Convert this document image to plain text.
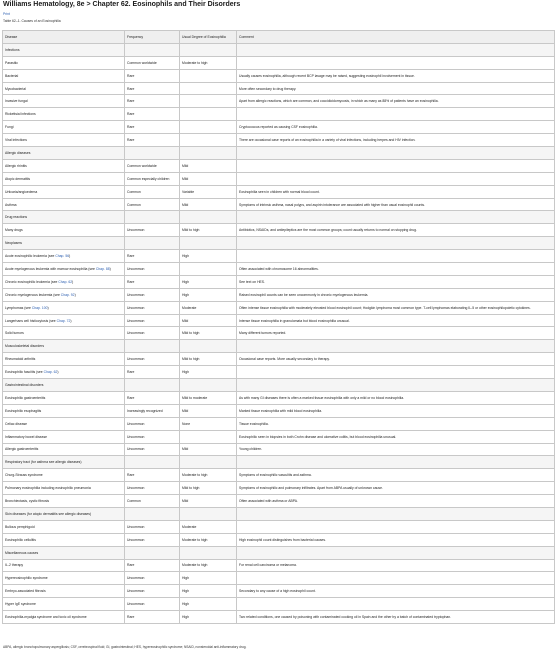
Williams Hematology, 8e > Chapter 62. Eosinophils and Their Disorders
Print
Table 62–1. Causes of an Eosinophilia
Disease	Frequency	Usual Degree of Eosinophilia	Comment
Infections			
Parasitic	Common worldwide	Moderate to high	
Bacterial	Rare		Usually causes eosinophilia, although recent BCP lavage may be raised, suggesting eosinophil involvement in tissue.
Mycobacterial	Rare		More often secondary to drug therapy.
Invasive fungal	Rare		Apart from allergic reactions, which are common, and coccidioidomycosis, in which as many as 88% of patients have an eosinophilia.
Rickettsial infections	Rare		
Fungi	Rare		Cryptococcus reported as causing CSF eosinophilia.
Viral infections	Rare		There are occasional case reports of an eosinophilia in a variety of viral infections, including herpes and HIV infection.
Allergic diseases			
Allergic rhinitis	Common worldwide	Mild	
Atopic dermatitis	Common especially children	Mild	
Urticaria/angioedema	Common	Variable	Eosinophilia seen in children with normal blood count.
Asthma	Common	Mild	Symptoms of intrinsic asthma, nasal polyps, and aspirin intolerance are associated with higher than usual eosinophil counts.
Drug reactions			
Many drugs	Uncommon	Mild to high	Antibiotics, NSAIDs, and antiepileptics are the most common groups; count usually returns to normal on stopping drug.
Neoplasms			
Acute eosinophilic leukemia (see Chap. 56)	Rare	High	
Acute myelogenous leukemia with marrow eosinophilia (see Chap. 88)	Uncommon		Often associated with chromosome 16 abnormalities.
Chronic eosinophilic leukemia (see Chap. 62)	Rare	High	See text on HES.
Chronic myelogenous leukemia (see Chap. 92)	Uncommon	High	Raised eosinophil counts can be seen uncommonly in chronic myelogenous leukemia.
Lymphomas (see Chap. 100)	Uncommon	Moderate	Often intense tissue eosinophilia with moderately elevated blood eosinophil count; Hodgkin lymphoma most common type. T-cell lymphomas elaborating IL-5 or other eosinophilopoietic cytokines.
Langerhans cell histiocytosis (see Chap. 72)	Uncommon	Mild	Intense tissue eosinophilia in granulomata but blood eosinophilia unusual.
Solid tumors	Uncommon	Mild to high	Many different tumors reported.
Musculoskeletal disorders			
Rheumatoid arthritis	Uncommon	Mild to high	Occasional case reports. More usually secondary to therapy.
Eosinophilic fasciitis (see Chap. 62)	Rare	High	
Gastrointestinal disorders			
Eosinophilic gastroenteritis	Rare	Mild to moderate	As with many GI diseases there is often a marked tissue eosinophilia with only a mild or no blood eosinophilia.
Eosinophilic esophagitis	Increasingly recognized	Mild	Marked tissue eosinophilia with mild blood eosinophilia.
Celiac disease	Uncommon	None	Tissue eosinophilia.
Inflammatory bowel disease	Uncommon		Eosinophilic seen in biopsies in both Crohn disease and ulcerative colitis, but blood eosinophilia unusual.
Allergic gastroenteritis	Uncommon	Mild	Young children.
Respiratory tract (for asthma see allergic diseases)			
Churg-Strauss syndrome	Rare	Moderate to high	Symptoms of eosinophilic vasculitis and asthma.
Pulmonary eosinophilia including eosinophilic pneumonia	Uncommon	Mild to high	Symptoms of eosinophilic and pulmonary infiltrates. Apart from ABPA usually of unknown cause.
Bronchiectasis, cystic fibrosis	Common	Mild	Often associated with asthma or ABPA.
Skin diseases (for atopic dermatitis see allergic diseases)			
Bullous pemphigoid	Uncommon	Moderate	
Eosinophilic cellulitis	Uncommon	Moderate to high	High eosinophil count distinguishes from bacterial causes.
Miscellaneous causes			
IL-2 therapy	Rare	Moderate to high	For renal cell carcinoma or melanoma.
Hypereosinophilic syndrome	Uncommon	High	
Embryo-associated fibrosis	Uncommon	High	Secondary to any cause of a high eosinophil count.
Hyper IgE syndrome	Uncommon	High	
Eosinophilia-myalgia syndrome and toxic oil syndrome	Rare	High	Two related conditions, one caused by poisoning with contaminated cooking oil in Spain and the other by a batch of contaminated tryptophan.
ABPA, allergic bronchopulmonary aspergillosis; CSF, cerebrospinal fluid; GI, gastrointestinal; HES, hypereosinophilic syndrome; NSAID, nonsteroidal anti-inflammatory drug.
